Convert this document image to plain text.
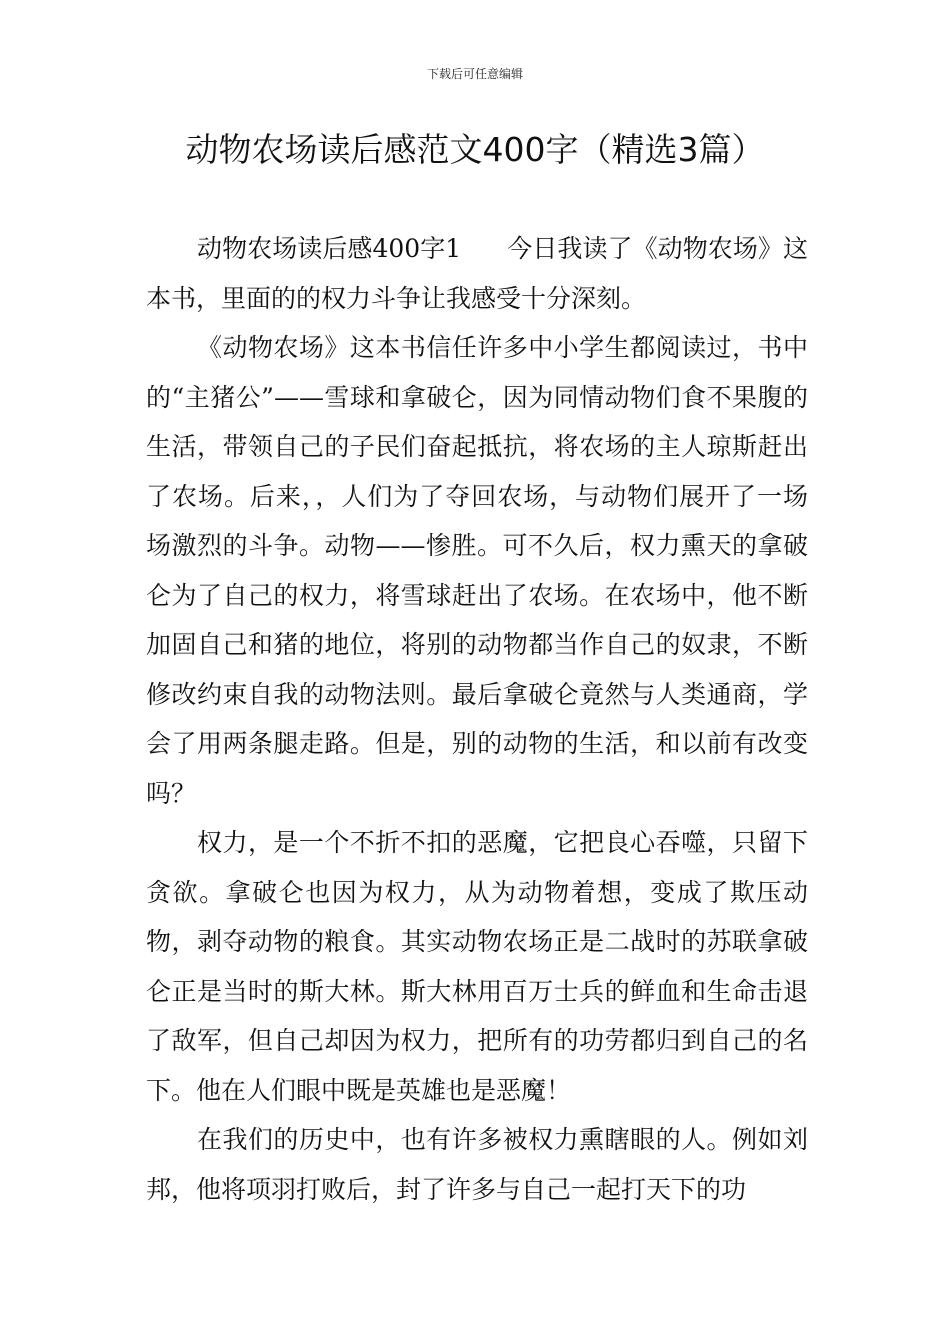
下载后可任意编辑
动物农场读后感范文400字（精选3篇）

动物农场读后感400字1 今日我读了《动物农场》这本书，里面的的权力斗争让我感受十分深刻。

《动物农场》这本书信任许多中小学生都阅读过，书中的“主猪公”——雪球和拿破仑，因为同情动物们食不果腹的生活，带领自己的子民们奋起抵抗，将农场的主人琼斯赶出了农场。后来，，人们为了夺回农场，与动物们展开了一场场激烈的斗争。动物——惨胜。可不久后，权力熏天的拿破仑为了自己的权力，将雪球赶出了农场。在农场中，他不断加固自己和猪的地位，将别的动物都当作自己的奴隶，不断修改约束自我的动物法则。最后拿破仑竟然与人类通商，学会了用两条腿走路。但是，别的动物的生活，和以前有改变吗？

权力，是一个不折不扣的恶魔，它把良心吞噬，只留下贪欲。拿破仑也因为权力，从为动物着想，变成了欺压动物，剥夺动物的粮食。其实动物农场正是二战时的苏联拿破仑正是当时的斯大林。斯大林用百万士兵的鲜血和生命击退了敌军，但自己却因为权力，把所有的功劳都归到自己的名下。他在人们眼中既是英雄也是恶魔！

在我们的历史中，也有许多被权力熏瞎眼的人。例如刘邦，他将项羽打败后，封了许多与自己一起打天下的功
